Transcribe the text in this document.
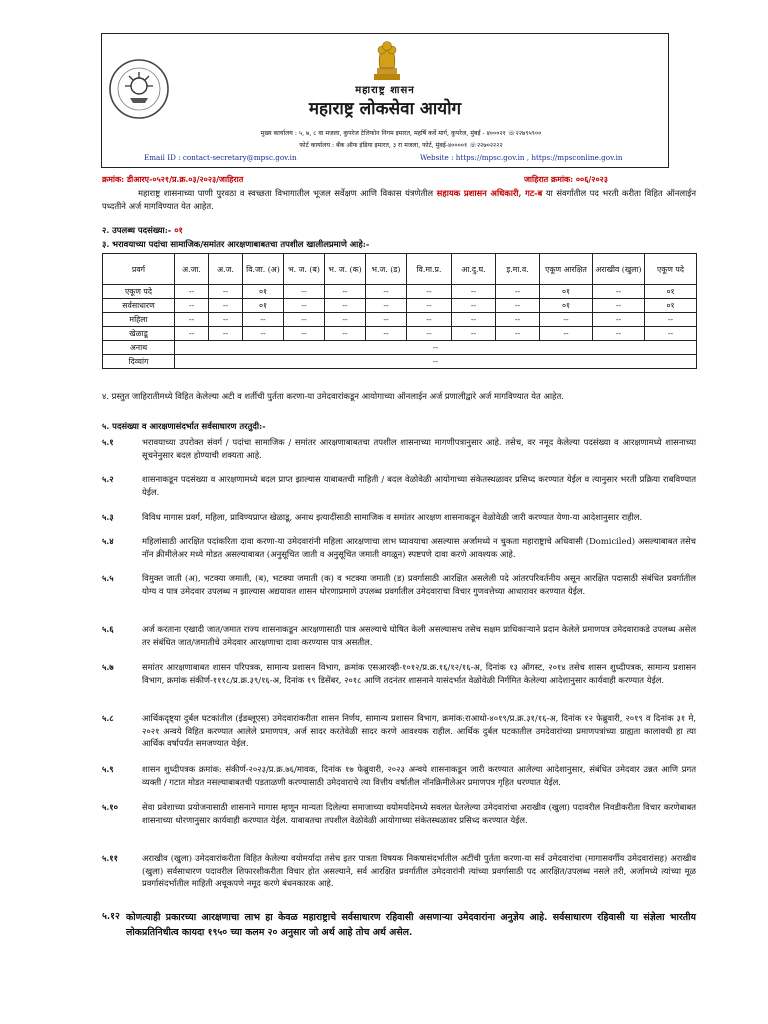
महाराष्ट्र शासन
महाराष्ट्र लोकसेवा आयोग
मुख्य कार्यालय : ५, ७, ८ वा मजला, कुपरेज टेलिफोन निगम इमारत, महर्षि कर्वे मार्ग, कुपरेज, मुंबई - ४०००२१ ☏२२७९५९००
फोर्ट कार्यालय : बँक ऑफ इंडिया इमारत, ३ रा मजला, फोर्ट, मुंबई-४००००१ ☏२२७०२२२२
Email ID : contact-secretary@mpsc.gov.in	Website : https://mpsc.gov.in , https://mpsconline.gov.in
क्रमांक: डीआरए-०५२१/प्र.क्र.०३/२०२३/जाहिरात	जाहिरात क्रमांक: ००६/२०२३
महाराष्ट्र शासनाच्या पाणी पुरवठा व स्वच्छता विभागातील भूजल सर्वेक्षण आणि विकास यंत्रणेतील सहायक प्रशासन अधिकारी, गट-ब या संवर्गातील पद भरती करीता विहित ऑनलाईन पध्दतीने अर्ज मागविण्यात येत आहेत.
२. उपलब्ध पदसंख्या:- ०१
३. भरावयाच्या पदांचा सामाजिक/समांतर आरक्षणाबाबतचा तपशील खालीलप्रमाणे आहे:-
प्रवर्ग	अ.जा.	अ.ज.	वि.जा. (अ)	भ. ज. (ब)	भ. ज. (क)	भ.ज. (ड)	वि.मा.प्र.	आ.दु.घ.	इ.मा.व.	एकूण आरक्षित	अराखीव (खुला)	एकूण पदे
एकूण पदे	--	--	०१	--	--	--	--	--	--	०१	--	०१
सर्वसाधारण	--	--	०१	--	--	--	--	--	--	०१	--	०१
महिला	--	--	--	--	--	--	--	--	--	--	--	--
खेळाडू	--	--	--	--	--	--	--	--	--	--	--	--
अनाथ	--											
दिव्यांग	--											
४. प्रस्तुत जाहिरातीमध्ये विहित केलेल्या अटी व शर्तीची पुर्तता करणा-या उमेदवारांकडून आयोगाच्या ऑनलाईन अर्ज प्रणालीद्वारे अर्ज मागविण्यात येत आहेत.
५. पदसंख्या व आरक्षणासंदर्भात सर्वसाधारण तरतुदी:-
५.१	भरावयाच्या उपरोक्त संवर्ग / पदांचा सामाजिक / समांतर आरक्षणाबाबतचा तपशील शासनाच्या मागणीपत्रानुसार आहे. तसेच, वर नमूद केलेल्या पदसंख्या व आरक्षणामध्ये शासनाच्या सूचनेनुसार बदल होण्याची शक्यता आहे.
५.२	शासनाकडून पदसंख्या व आरक्षणामध्ये बदल प्राप्त झाल्यास याबाबतची माहिती / बदल वेळोवेळी आयोगाच्या संकेतस्थळावर प्रसिध्द करण्यात येईल व त्यानुसार भरती प्रक्रिया राबविण्यात येईल.
५.३	विविध मागास प्रवर्ग, महिला, प्राविण्यप्राप्त खेळाडू, अनाथ इत्यादींसाठी सामाजिक व समांतर आरक्षण शासनाकडून वेळोवेळी जारी करण्यात येणा-या आदेशानुसार राहील.
५.४	महिलांसाठी आरक्षित पदांकरिता दावा करणा-या उमेदवारांनी महिला आरक्षणाचा लाभ घ्यावयाचा असल्यास अर्जामध्ये न चुकता महाराष्ट्राचे अधिवासी (Domiciled) असल्याबाबत तसेच नॉन क्रीमीलेअर मध्ये मोडत असल्याबाबत (अनुसूचित जाती व अनुसूचित जमाती वगळून) स्पष्टपणे दावा करणे आवश्यक आहे.
५.५	विमुक्त जाती (अ), भटक्या जमाती, (ब), भटक्या जमाती (क) व भटक्या जमाती (ड) प्रवर्गासाठी आरक्षित असलेली पदे आंतरपरिवर्तनीय असून आरक्षित पदासाठी संबंधित प्रवर्गातील योग्य व पात्र उमेदवार उपलब्ध न झाल्यास अद्ययावत शासन धोरणाप्रमाणे उपलब्ध प्रवर्गातील उमेदवाराचा विचार गुणवत्तेच्या आधारावर करण्यात येईल.
५.६	अर्ज करताना एखादी जात/जमात राज्य शासनाकडून आरक्षणासाठी पात्र असल्याचे घोषित केली असल्यासच तसेच सक्षम प्राधिकाऱ्याने प्रदान केलेले प्रमाणपत्र उमेदवाराकडे उपलब्ध असेल तर संबंधित जात/जमातीचे उमेदवार आरक्षणाचा दावा करण्यास पात्र असतील.
५.७	समांतर आरक्षणाबाबत शासन परिपत्रक, सामान्य प्रशासन विभाग, क्रमांक एसआरव्ही-१०१२/प्र.क्र.१६/१२/१६-अ, दिनांक १३ ऑगस्ट, २०१४ तसेच शासन शुध्दीपत्रक, सामान्य प्रशासन विभाग, क्रमांक संकीर्ण-१११८/प्र.क्र.३९/१६-अ, दिनांक १९ डिसेंबर, २०१८ आणि तदनंतर शासनाने यासंदर्भात वेळोवेळी निर्गमित केलेल्या आदेशानुसार कार्यवाही करण्यात येईल.
५.८	आर्थिकदृष्ट्या दुर्बल घटकांतील (ईडब्लूएस) उमेदवारांकरीता शासन निर्णय, सामान्य प्रशासन विभाग, क्रमांक:राआधो-४०१९/प्र.क्र.३१/१६-अ, दिनांक १२ फेब्रुवारी, २०१९ व दिनांक ३१ मे, २०२१ अन्वये विहित करण्यात आलेले प्रमाणपत्र, अर्ज सादर करतेवेळी सादर करणे आवश्यक राहील. आर्थिक दुर्बल घटकातील उमदेवारांच्या प्रमाणपत्रांच्या ग्राह्यता कालावधी हा त्या आर्थिक वर्षापर्यंत समजण्यात येईल.
५.९	शासन शुध्दीपत्रक क्रमांक: संकीर्ण-२०२३/प्र.क्र.७६/मावक, दिनांक १७ फेब्रुवारी, २०२३ अन्वये शासनाकडून जारी करण्यात आलेल्या आदेशानुसार, संबंधित उमेदवार उन्नत आणि प्रगत व्यक्ती / गटात मोडत नसल्याबाबतची पडताळणी करण्यासाठी उमेदवाराचे त्या वित्तीय वर्षातील नॉनक्रिमीलेअर प्रमाणपत्र गृहित धरण्यात येईल.
५.१०	सेवा प्रवेशाच्या प्रयोजनासाठी शासनाने मागास म्हणून मान्यता दिलेल्या समाजाच्या वयोमर्यादेमध्ये सवलत घेतलेल्या उमेदवारांचा अराखीव (खुला) पदावरील निवडीकरीता विचार करणेबाबत शासनाच्या धोरणानुसार कार्यवाही करण्यात येईल. याबाबतचा तपशील वेळोवेळी आयोगाच्या संकेतस्थळावर प्रसिध्द करण्यात येईल.
५.११	अराखीव (खुला) उमेदवारांकरीता विहित केलेल्या वयोमर्यादा तसेच इतर पात्रता विषयक निकषासंदर्भातील अटींची पुर्तता करणा-या सर्व उमेदवारांचा (मागासवर्गीय उमेदवारांसह) अराखीव (खुला) सर्वसाधारण पदावरील शिफारशीकरीता विचार होत असल्याने, सर्व आरक्षित प्रवर्गातील उमेदवारांनी त्यांच्या प्रवर्गासाठी पद आरक्षित/उपलब्ध नसले तरी, अर्जामध्ये त्यांच्या मूळ प्रवर्गासंदर्भातील माहिती अचूकपणे नमूद करणे बंधनकारक आहे.
५.१२ कोणत्याही प्रकारच्या आरक्षणाचा लाभ हा केवळ महाराष्ट्राचे सर्वसाधारण रहिवासी असणाऱ्या उमेदवारांना अनुज्ञेय आहे. सर्वसाधारण रहिवासी या संज्ञेला भारतीय लोकप्रतिनिधीत्व कायदा १९५० च्या कलम २० अनुसार जो अर्थ आहे तोच अर्थ असेल.
